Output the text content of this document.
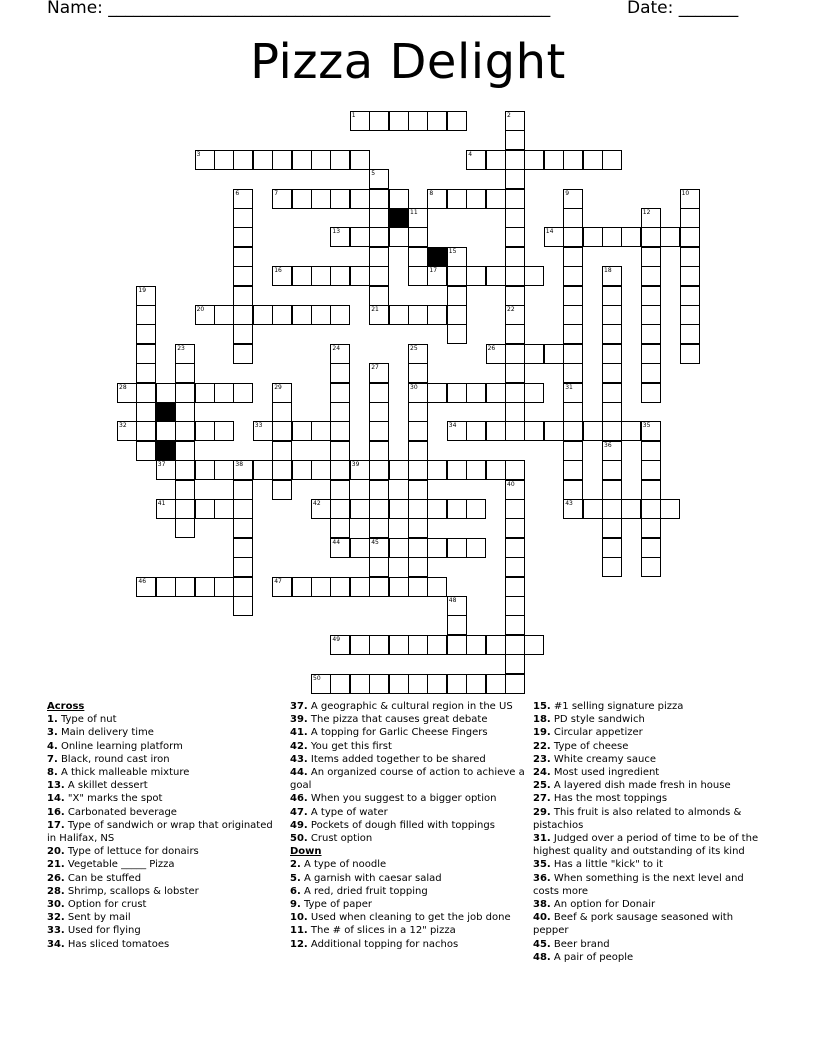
Name: ____________________________________________________	Date: _______
Pizza Delight
1
3	4
7	8
13	14
16	17
20	21
26
28	30
32	33	34	35
37	38	39
41	42	43
44	45
46	47
49
50
2
22
5
6	9
31
10
11	12
15
18
36
19
23	24	25
27
29
40
48
Across

1. Type of nut

3. Main delivery time

4. Online learning platform

7. Black, round cast iron

8. A thick malleable mixture

13. A skillet dessert

14. "X" marks the spot

16. Carbonated beverage

17. Type of sandwich or wrap that originated in Halifax, NS

20. Type of lettuce for donairs

21. Vegetable _____ Pizza

26. Can be stuffed

28. Shrimp, scallops & lobster

30. Option for crust

32. Sent by mail

33. Used for flying

34. Has sliced tomatoes

37. A geographic & cultural region in the US

39. The pizza that causes great debate

41. A topping for Garlic Cheese Fingers

42. You get this first

43. Items added together to be shared

44. An organized course of action to achieve a goal

46. When you suggest to a bigger option

47. A type of water

49. Pockets of dough filled with toppings

50. Crust option

Down

2. A type of noodle

5. A garnish with caesar salad

6. A red, dried fruit topping

9. Type of paper

10. Used when cleaning to get the job done

11. The # of slices in a 12" pizza

12. Additional topping for nachos

15. #1 selling signature pizza

18. PD style sandwich

19. Circular appetizer

22. Type of cheese

23. White creamy sauce

24. Most used ingredient

25. A layered dish made fresh in house

27. Has the most toppings

29. This fruit is also related to almonds & pistachios

31. Judged over a period of time to be of the highest quality and outstanding of its kind

35. Has a little "kick" to it

36. When something is the next level and costs more

38. An option for Donair

40. Beef & pork sausage seasoned with pepper

45. Beer brand

48. A pair of people
